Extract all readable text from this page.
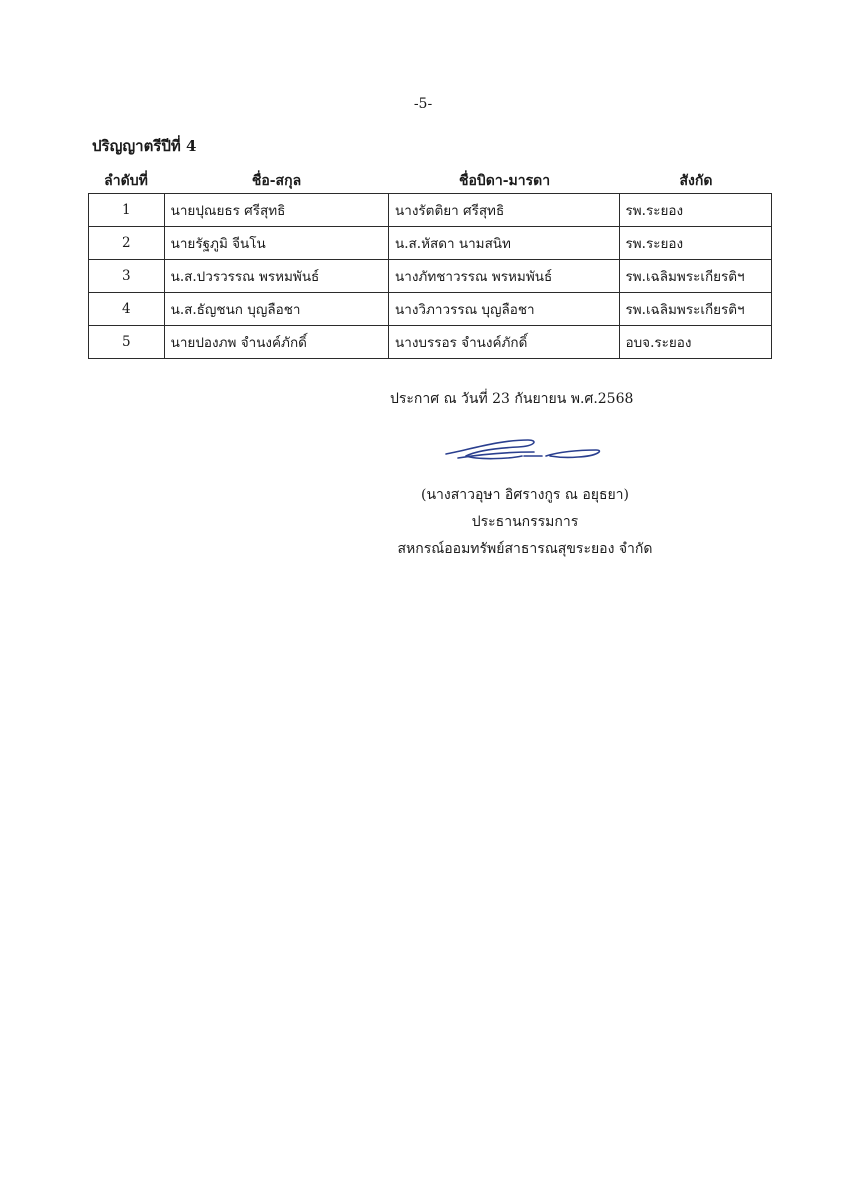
-5-
ปริญญาตรีปีที่ 4
ลำดับที่	ชื่อ-สกุล	ชื่อบิดา-มารดา	สังกัด
1	นายปุณยธร ศรีสุทธิ	นางรัตติยา ศรีสุทธิ	รพ.ระยอง
2	นายรัฐภูมิ จีนโน	น.ส.หัสดา นามสนิท	รพ.ระยอง
3	น.ส.ปวรวรรณ พรหมพันธ์	นางภัทชาวรรณ พรหมพันธ์	รพ.เฉลิมพระเกียรติฯ
4	น.ส.ธัญชนก บุญลือชา	นางวิภาวรรณ บุญลือชา	รพ.เฉลิมพระเกียรติฯ
5	นายปองภพ จำนงค์ภักดิ์	นางบรรอร จำนงค์ภักดิ์	อบจ.ระยอง
ประกาศ ณ วันที่ 23 กันยายน พ.ศ.2568
(นางสาวอุษา อิศรางกูร ณ อยุธยา)
ประธานกรรมการ
สหกรณ์ออมทรัพย์สาธารณสุขระยอง จำกัด
